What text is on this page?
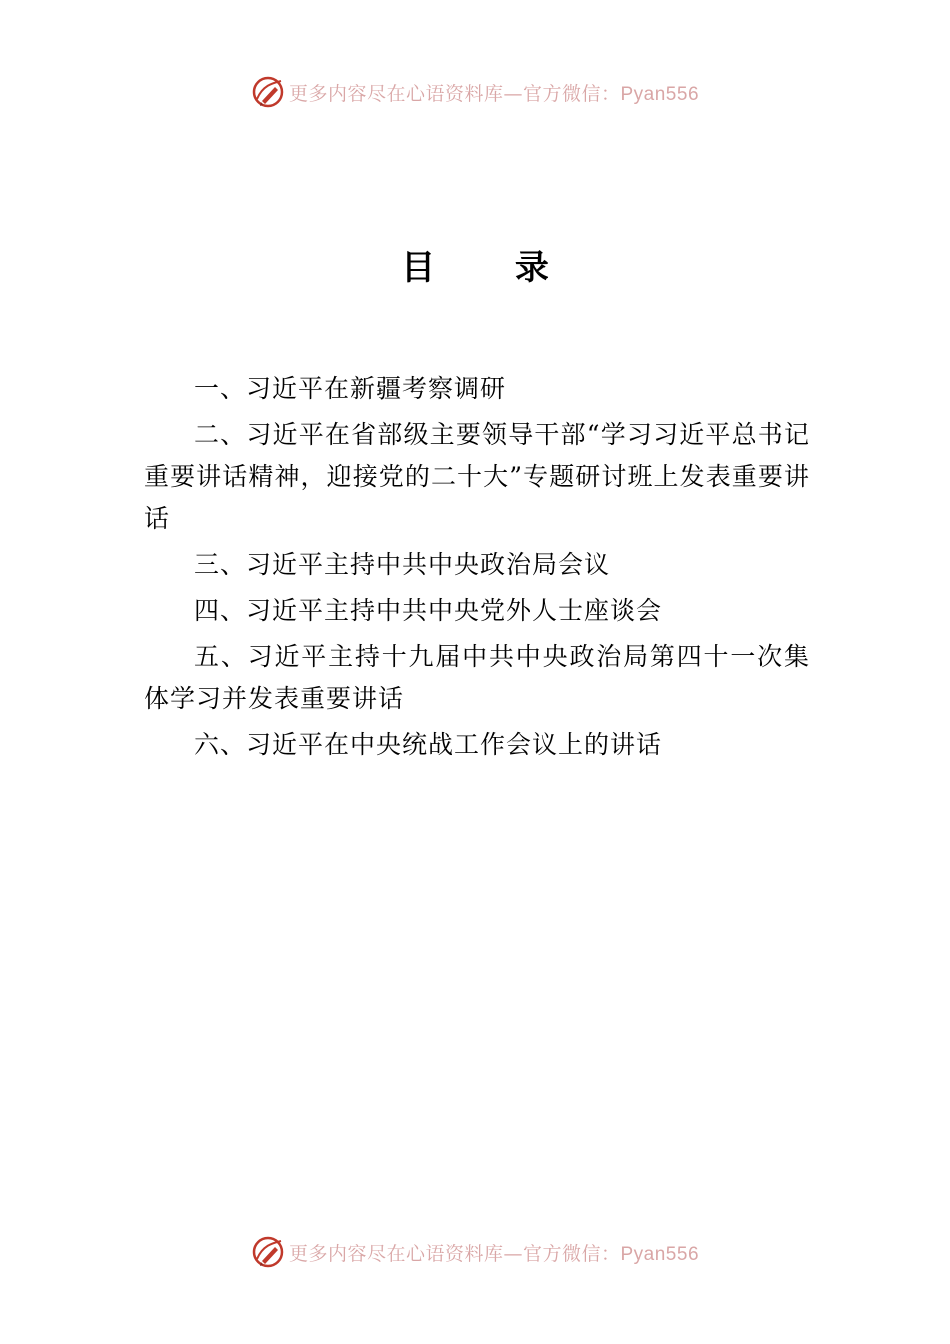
更多内容尽在心语资料库—官方微信：Pyan556
目 录

一、习近平在新疆考察调研

二、习近平在省部级主要领导干部“学习习近平总书记重要讲话精神，迎接党的二十大”专题研讨班上发表重要讲话

三、习近平主持中共中央政治局会议

四、习近平主持中共中央党外人士座谈会

五、习近平主持十九届中共中央政治局第四十一次集体学习并发表重要讲话

六、习近平在中央统战工作会议上的讲话

更多内容尽在心语资料库—官方微信：Pyan556
